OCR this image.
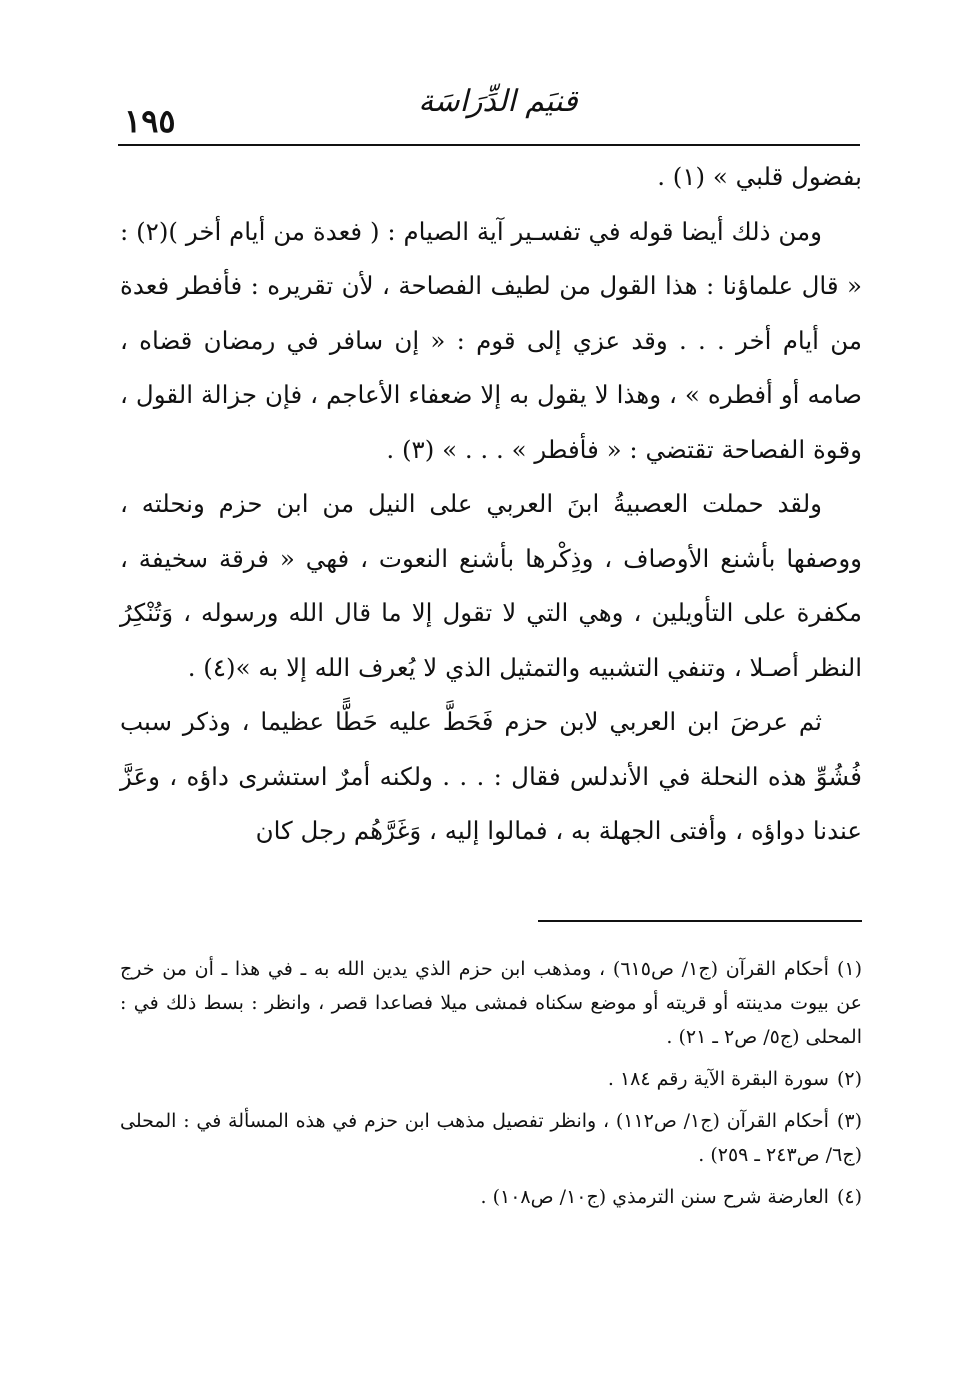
١٩٥
قنيَم الدِّرَاسَة

بفضول قلبي » (١) .

ومن ذلك أيضا قوله في تفسـير آية الصيام : ( فعدة من أيام أخر )(٢) : « قال علماؤنا : هذا القول من لطيف الفصاحة ، لأن تقريره : فأفطر فعدة من أيام أخر . . . وقد عزي إلى قوم : « إن سافر في رمضان قضاه ، صامه أو أفطره » ، وهذا لا يقول به إلا ضعفاء الأعاجم ، فإن جزالة القول ، وقوة الفصاحة تقتضي : « فأفطر » . . . » (٣) .

ولقد حملت العصبيةُ ابنَ العربي على النيل من ابن حزم ونحلته ، ووصفها بأشنع الأوصاف ، وذِكْرها بأشنع النعوت ، فهي « فرقة سخيفة ، مكفرة على التأويلين ، وهي التي لا تقول إلا ما قال الله ورسوله ، وَتُنْكِرُ النظر أصـلا ، وتنفي التشبيه والتمثيل الذي لا يُعرف الله إلا به »(٤) .

ثم عرضَ ابن العربي لابن حزم فَحَطَّ عليه حَطًّا عظيما ، وذكر سبب فُشُوِّ هذه النحلة في الأندلس فقال : . . . ولكنه أمرٌ استشرى داؤه ، وعَزَّ عندنا دواؤه ، وأفتى الجهلة به ، فمالوا إليه ، وَغَرَّهُم رجل كان

(١)أحكام القرآن (ج١/ ص٦١٥) ، ومذهب ابن حزم الذي يدين الله به ـ في هذا ـ أن من خرج عن بيوت مدينته أو قريته أو موضع سكناه فمشى ميلا فصاعدا قصر ، وانظر : بسط ذلك في : المحلى (ج٥/ ص٢ ـ ٢١) .

(٢)سورة البقرة الآية رقم ١٨٤ .

(٣)أحكام القرآن (ج١/ ص١١٢) ، وانظر تفصيل مذهب ابن حزم في هذه المسألة في : المحلى (ج٦/ ص٢٤٣ ـ ٢٥٩) .

(٤)العارضة شرح سنن الترمذي (ج١٠/ ص١٠٨) .
